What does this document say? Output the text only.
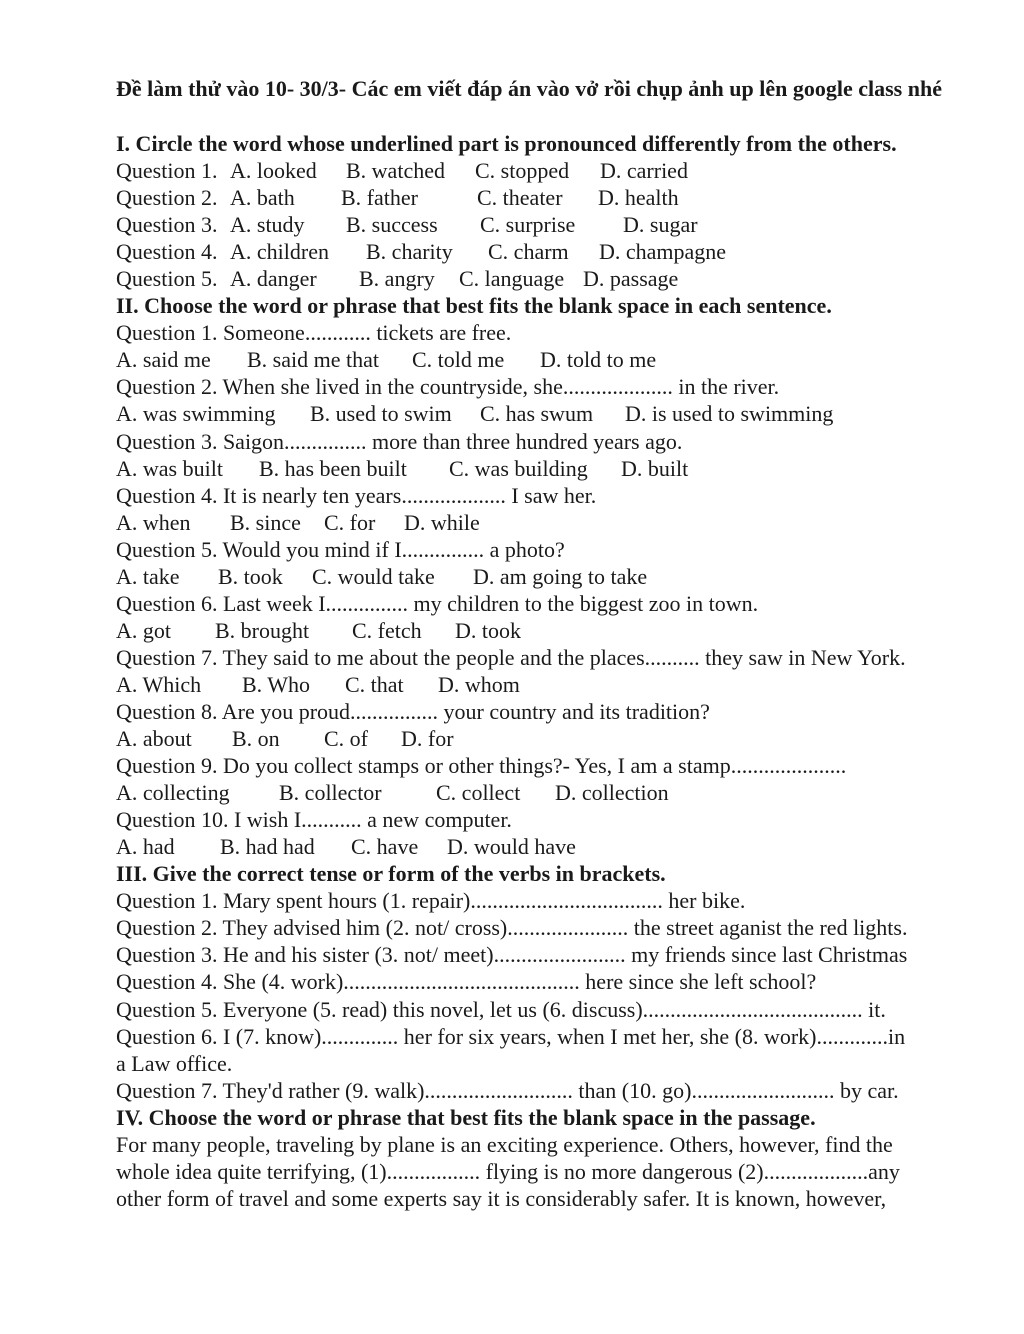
Đề làm thử vào 10- 30/3- Các em viết đáp án vào vở rồi chụp ảnh up lên google class nhé

I. Circle the word whose underlined part is pronounced differently from the others.

Question 1. A. looked	B. watched	C. stopped	D. carried
Question 2. A. bath	B. father	C. theater	D. health
Question 3. A. study	B. success	C. surprise	D. sugar
Question 4. A. children	B. charity	C. charm	D. champagne
Question 5. A. danger	B. angry	C. language D. passage

II. Choose the word or phrase that best fits the blank space in each sentence.

Question 1. Someone............ tickets are free.

A. said me	B. said me that	C. told me	D. told to me

Question 2. When she lived in the countryside, she.................... in the river.

A. was swimming	B. used to swim	C. has swum	D. is used to swimming

Question 3. Saigon............... more than three hundred years ago.

A. was built	B. has been built	C. was building	D. built

Question 4. It is nearly ten years................... I saw her.

A. when	B. since	C. for	D. while

Question 5. Would you mind if I............... a photo?

A. take	B. took	C. would take	D. am going to take

Question 6. Last week I............... my children to the biggest zoo in town.

A. got	B. brought	C. fetch	D. took

Question 7. They said to me about the people and the places.......... they saw in New York.

A. Which	B. Who	C. that	D. whom

Question 8. Are you proud................ your country and its tradition?

A. about	B. on	C. of	D. for

Question 9. Do you collect stamps or other things?- Yes, I am a stamp.....................

A. collecting	B. collector	C. collect	D. collection

Question 10. I wish I........... a new computer.

A. had	B. had had	C. have	D. would have

III. Give the correct tense or form of the verbs in brackets.

Question 1. Mary spent hours (1. repair)................................... her bike.

Question 2. They advised him (2. not/ cross)...................... the street aganist the red lights.

Question 3. He and his sister (3. not/ meet)........................ my friends since last Christmas

Question 4. She (4. work)........................................... here since she left school?

Question 5. Everyone (5. read) this novel, let us (6. discuss)........................................ it.

Question 6. I (7. know).............. her for six years, when I met her, she (8. work).............in

a Law office.

Question 7. They'd rather (9. walk)........................... than (10. go).......................... by car.

IV. Choose the word or phrase that best fits the blank space in the passage.

For many people, traveling by plane is an exciting experience. Others, however, find the

whole idea quite terrifying, (1)................. flying is no more dangerous (2)...................any

other form of travel and some experts say it is considerably safer. It is known, however,
